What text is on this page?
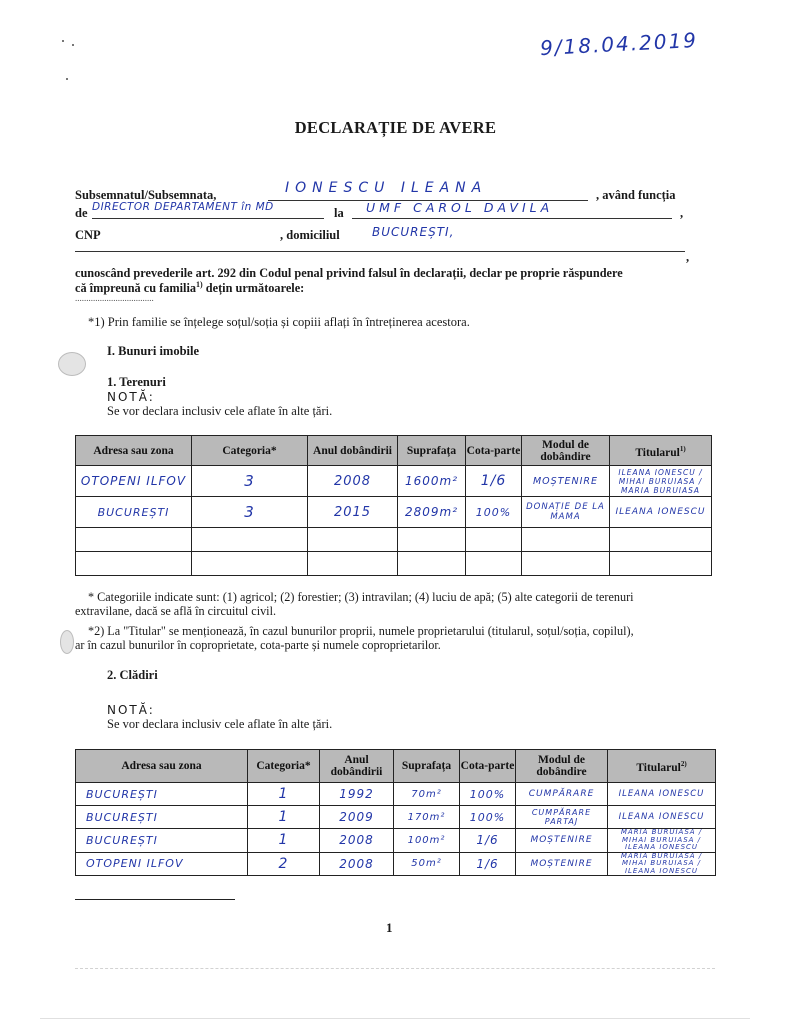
9/18.04.2019
DECLARAȚIE DE AVERE
Subsemnatul/Subsemnata,	IONESCU ILEANA	, având funcția
de DIRECTOR DEPARTAMENT în MD	la UMF CAROL DAVILA	,
CNP	, domiciliul	BUCUREȘTI,
,
cunoscând prevederile art. 292 din Codul penal privind falsul în declarații, declar pe proprie răspundere
că împreună cu familia$^{1)}$ dețin următoarele:
...................................
*1) Prin familie se înțelege soțul/soția și copiii aflați în întreținerea acestora.
I. Bunuri imobile
1. Terenuri
NOTĂ:
Se vor declara inclusiv cele aflate în alte țări.
Adresa sau zona	Categoria*	Anul dobândirii	Suprafața	Cota-parte	Modul de dobândire	Titularul$^{1)}$
OTOPENI ILFOV	3	2008	1600m²	1/6	MOȘTENIRE	ILEANA IONESCU / MIHAI BURUIASA / MARIA BURUIASA
BUCUREȘTI	3	2015	2809m²	100%	DONAȚIE DE LA MAMA	ILEANA IONESCU

* Categoriile indicate sunt: (1) agricol; (2) forestier; (3) intravilan; (4) luciu de apă; (5) alte categorii de terenuri
extravilane, dacă se află în circuitul civil.
*2) La "Titular" se menționează, în cazul bunurilor proprii, numele proprietarului (titularul, soțul/soția, copilul),
ar în cazul bunurilor în coproprietate, cota-parte și numele coproprietarilor.
2. Clădiri
NOTĂ:
Se vor declara inclusiv cele aflate în alte țări.
Adresa sau zona	Categoria*	Anul dobândirii	Suprafața	Cota-parte	Modul de dobândire	Titularul$^{2)}$
BUCUREȘTI	1	1992	70m²	100%	CUMPĂRARE	ILEANA IONESCU
BUCUREȘTI	1	2009	170m²	100%	CUMPĂRARE PARTAJ	ILEANA IONESCU
BUCUREȘTI	1	2008	100m²	1/6	MOȘTENIRE	MARIA BURUIASA / MIHAI BURUIASA / ILEANA IONESCU
OTOPENI ILFOV	2	2008	50m²	1/6	MOȘTENIRE	MARIA BURUIASA / MIHAI BURUIASA / ILEANA IONESCU
1
